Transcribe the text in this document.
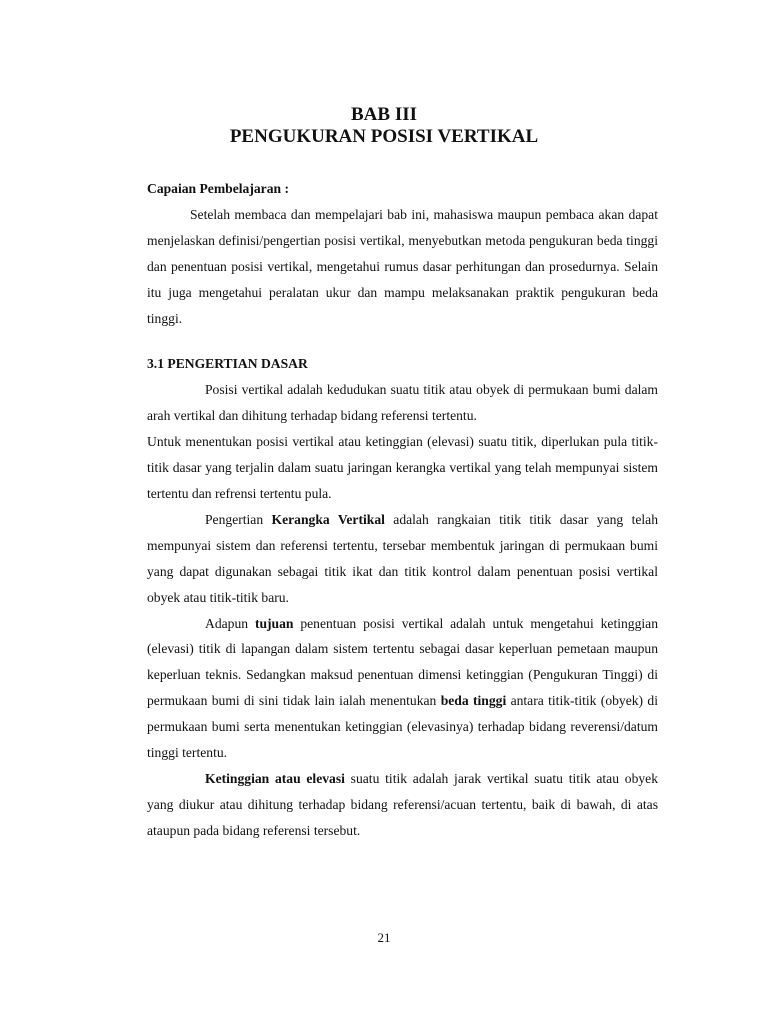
BAB III
PENGUKURAN POSISI VERTIKAL

Capaian Pembelajaran :

Setelah membaca dan mempelajari bab ini, mahasiswa maupun pembaca akan dapat menjelaskan definisi/pengertian posisi vertikal, menyebutkan metoda pengukuran beda tinggi dan penentuan posisi vertikal, mengetahui rumus dasar perhitungan dan prosedurnya. Selain itu juga mengetahui peralatan ukur dan mampu melaksanakan praktik pengukuran beda tinggi.

3.1 PENGERTIAN DASAR

Posisi vertikal adalah kedudukan suatu titik atau obyek di permukaan bumi dalam arah vertikal dan dihitung terhadap bidang referensi tertentu.

Untuk menentukan posisi vertikal atau ketinggian (elevasi) suatu titik, diperlukan pula titik-titik dasar yang terjalin dalam suatu jaringan kerangka vertikal yang telah mempunyai sistem tertentu dan refrensi tertentu pula.

Pengertian Kerangka Vertikal adalah rangkaian titik titik dasar yang telah mempunyai sistem dan referensi tertentu, tersebar membentuk jaringan di permukaan bumi yang dapat digunakan sebagai titik ikat dan titik kontrol dalam penentuan posisi vertikal obyek atau titik-titik baru.

Adapun tujuan penentuan posisi vertikal adalah untuk mengetahui ketinggian (elevasi) titik di lapangan dalam sistem tertentu sebagai dasar keperluan pemetaan maupun keperluan teknis. Sedangkan maksud penentuan dimensi ketinggian (Pengukuran Tinggi) di permukaan bumi di sini tidak lain ialah menentukan beda tinggi antara titik-titik (obyek) di permukaan bumi serta menentukan ketinggian (elevasinya) terhadap bidang reverensi/datum tinggi tertentu.

Ketinggian atau elevasi suatu titik adalah jarak vertikal suatu titik atau obyek yang diukur atau dihitung terhadap bidang referensi/acuan tertentu, baik di bawah, di atas ataupun pada bidang referensi tersebut.

21
